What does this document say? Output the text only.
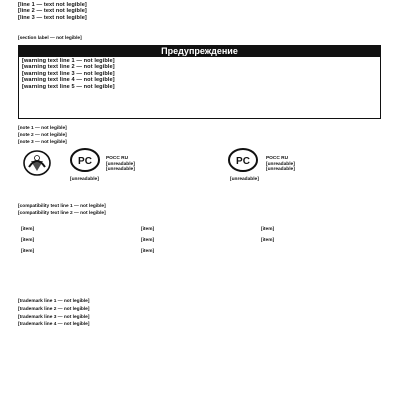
[line 1 — text not legible]
[line 2 — text not legible]
[line 3 — text not legible]
[section label — not legible]
Предупреждение
[warning text line 1 — not legible]
[warning text line 2 — not legible]
[warning text line 3 — not legible]
[warning text line 4 — not legible]
[warning text line 5 — not legible]
[note 1 — not legible]
[note 2 — not legible]
[note 3 — not legible]
PC
[unreadable]
РОСС RU
[unreadable]
[unreadable]
PC
[unreadable]
РОСС RU
[unreadable]
[unreadable]
[compatibility text line 1 — not legible]
[compatibility text line 2 — not legible]
[item]	[item]	[item]
[item]	[item]	[item]
[item]	[item]
[trademark line 1 — not legible]
[trademark line 2 — not legible]
[trademark line 3 — not legible]
[trademark line 4 — not legible]
